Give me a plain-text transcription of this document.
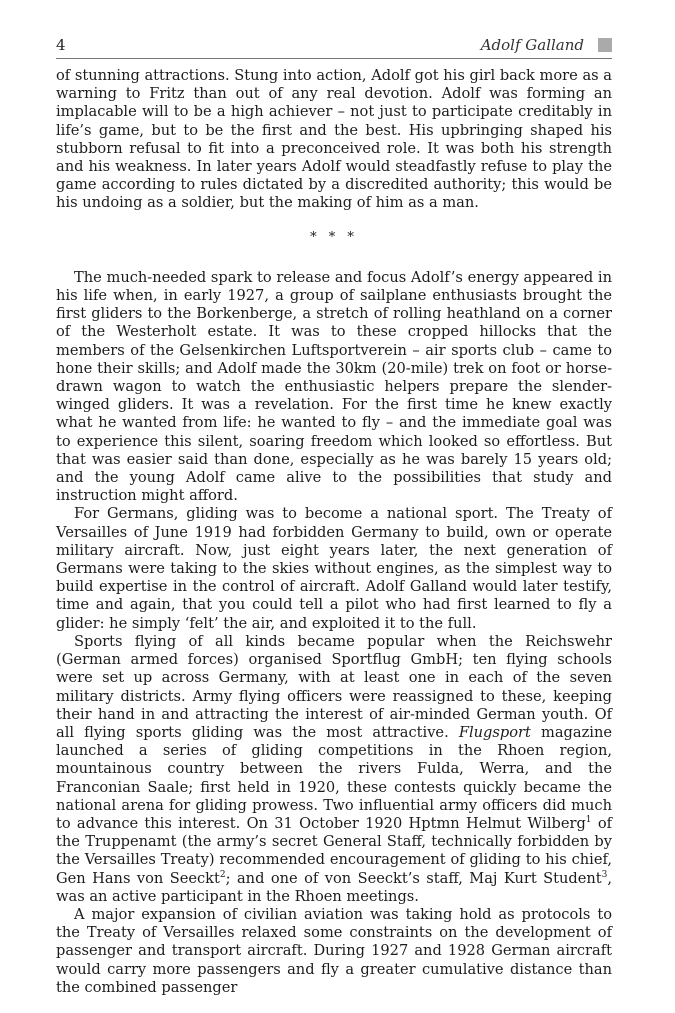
4	Adolf Galland

of stunning attractions. Stung into action, Adolf got his girl back more as a warning to Fritz than out of any real devotion. Adolf was forming an implacable will to be a high achiever – not just to participate creditably in life’s game, but to be the first and the best. His upbringing shaped his stubborn refusal to fit into a preconceived role. It was both his strength and his weakness. In later years Adolf would steadfastly refuse to play the game according to rules dictated by a discredited authority; this would be his undoing as a soldier, but the making of him as a man.

* * *

The much-needed spark to release and focus Adolf’s energy appeared in his life when, in early 1927, a group of sailplane enthusiasts brought the first gliders to the Borkenberge, a stretch of rolling heathland on a corner of the Westerholt estate. It was to these cropped hillocks that the members of the Gelsenkirchen Luftsportverein – air sports club – came to hone their skills; and Adolf made the 30km (20-mile) trek on foot or horse-drawn wagon to watch the enthusiastic helpers prepare the slender-winged gliders. It was a revelation. For the first time he knew exactly what he wanted from life: he wanted to fly – and the immediate goal was to experience this silent, soaring freedom which looked so effortless. But that was easier said than done, especially as he was barely 15 years old; and the young Adolf came alive to the possibilities that study and instruction might afford.

For Germans, gliding was to become a national sport. The Treaty of Versailles of June 1919 had forbidden Germany to build, own or operate military aircraft. Now, just eight years later, the next generation of Germans were taking to the skies without engines, as the simplest way to build expertise in the control of aircraft. Adolf Galland would later testify, time and again, that you could tell a pilot who had first learned to fly a glider: he simply ‘felt’ the air, and exploited it to the full.

Sports flying of all kinds became popular when the Reichswehr (German armed forces) organised Sportflug GmbH; ten flying schools were set up across Germany, with at least one in each of the seven military districts. Army flying officers were reassigned to these, keeping their hand in and attracting the interest of air-minded German youth. Of all flying sports gliding was the most attractive. Flugsport magazine launched a series of gliding competitions in the Rhoen region, mountainous country between the rivers Fulda, Werra, and the Franconian Saale; first held in 1920, these contests quickly became the national arena for gliding prowess. Two influential army officers did much to advance this interest. On 31 October 1920 Hptmn Helmut Wilberg$^1$ of the Truppenamt (the army’s secret General Staff, technically forbidden by the Versailles Treaty) recommended encouragement of gliding to his chief, Gen Hans von Seeckt$^2$; and one of von Seeckt’s staff, Maj Kurt Student$^3$, was an active participant in the Rhoen meetings.

A major expansion of civilian aviation was taking hold as protocols to the Treaty of Versailles relaxed some constraints on the development of passenger and transport aircraft. During 1927 and 1928 German aircraft would carry more passengers and fly a greater cumulative distance than the combined passenger
